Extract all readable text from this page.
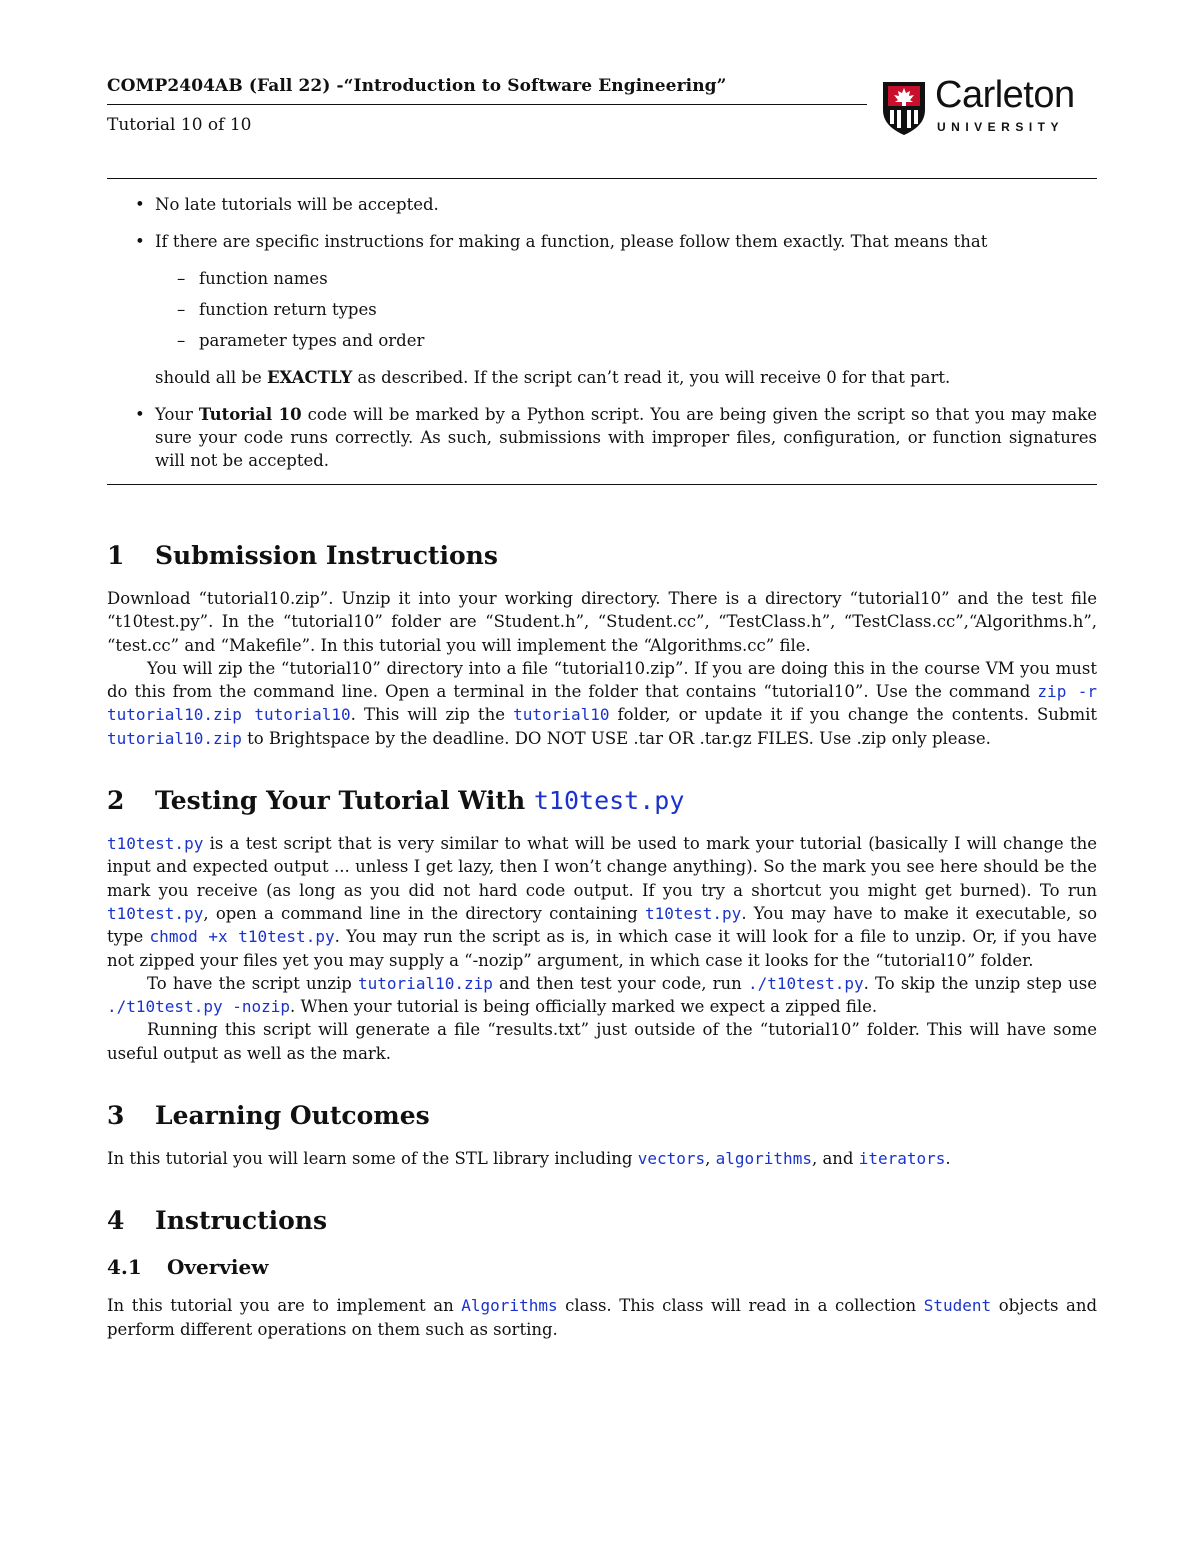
COMP2404AB (Fall 22) -“Introduction to Software Engineering”
Tutorial 10 of 10
Carleton
UNIVERSITY
• No late tutorials will be accepted.
• If there are specific instructions for making a function, please follow them exactly. That means that
– function names
– function return types
– parameter types and order
should all be EXACTLY as described. If the script can’t read it, you will receive 0 for that part.
• Your Tutorial 10 code will be marked by a Python script. You are being given the script so that you may make sure your code runs correctly. As such, submissions with improper files, configuration, or function signatures will not be accepted.
1 Submission Instructions

Download “tutorial10.zip”. Unzip it into your working directory. There is a directory “tutorial10” and the test file “t10test.py”. In the “tutorial10” folder are “Student.h”, “Student.cc”, “TestClass.h”, “TestClass.cc”,“Algorithms.h”, “test.cc” and “Makefile”. In this tutorial you will implement the “Algorithms.cc” file.

You will zip the “tutorial10” directory into a file “tutorial10.zip”. If you are doing this in the course VM you must do this from the command line. Open a terminal in the folder that contains “tutorial10”. Use the command zip -r tutorial10.zip tutorial10. This will zip the tutorial10 folder, or update it if you change the contents. Submit tutorial10.zip to Brightspace by the deadline. DO NOT USE .tar OR .tar.gz FILES. Use .zip only please.

2 Testing Your Tutorial With t10test.py

t10test.py is a test script that is very similar to what will be used to mark your tutorial (basically I will change the input and expected output ... unless I get lazy, then I won’t change anything). So the mark you see here should be the mark you receive (as long as you did not hard code output. If you try a shortcut you might get burned). To run t10test.py, open a command line in the directory containing t10test.py. You may have to make it executable, so type chmod +x t10test.py. You may run the script as is, in which case it will look for a file to unzip. Or, if you have not zipped your files yet you may supply a “-nozip” argument, in which case it looks for the “tutorial10” folder.

To have the script unzip tutorial10.zip and then test your code, run ./t10test.py. To skip the unzip step use ./t10test.py -nozip. When your tutorial is being officially marked we expect a zipped file.

Running this script will generate a file “results.txt” just outside of the “tutorial10” folder. This will have some useful output as well as the mark.

3 Learning Outcomes

In this tutorial you will learn some of the STL library including vectors, algorithms, and iterators.

4 Instructions
4.1 Overview

In this tutorial you are to implement an Algorithms class. This class will read in a collection Student objects and perform different operations on them such as sorting.
